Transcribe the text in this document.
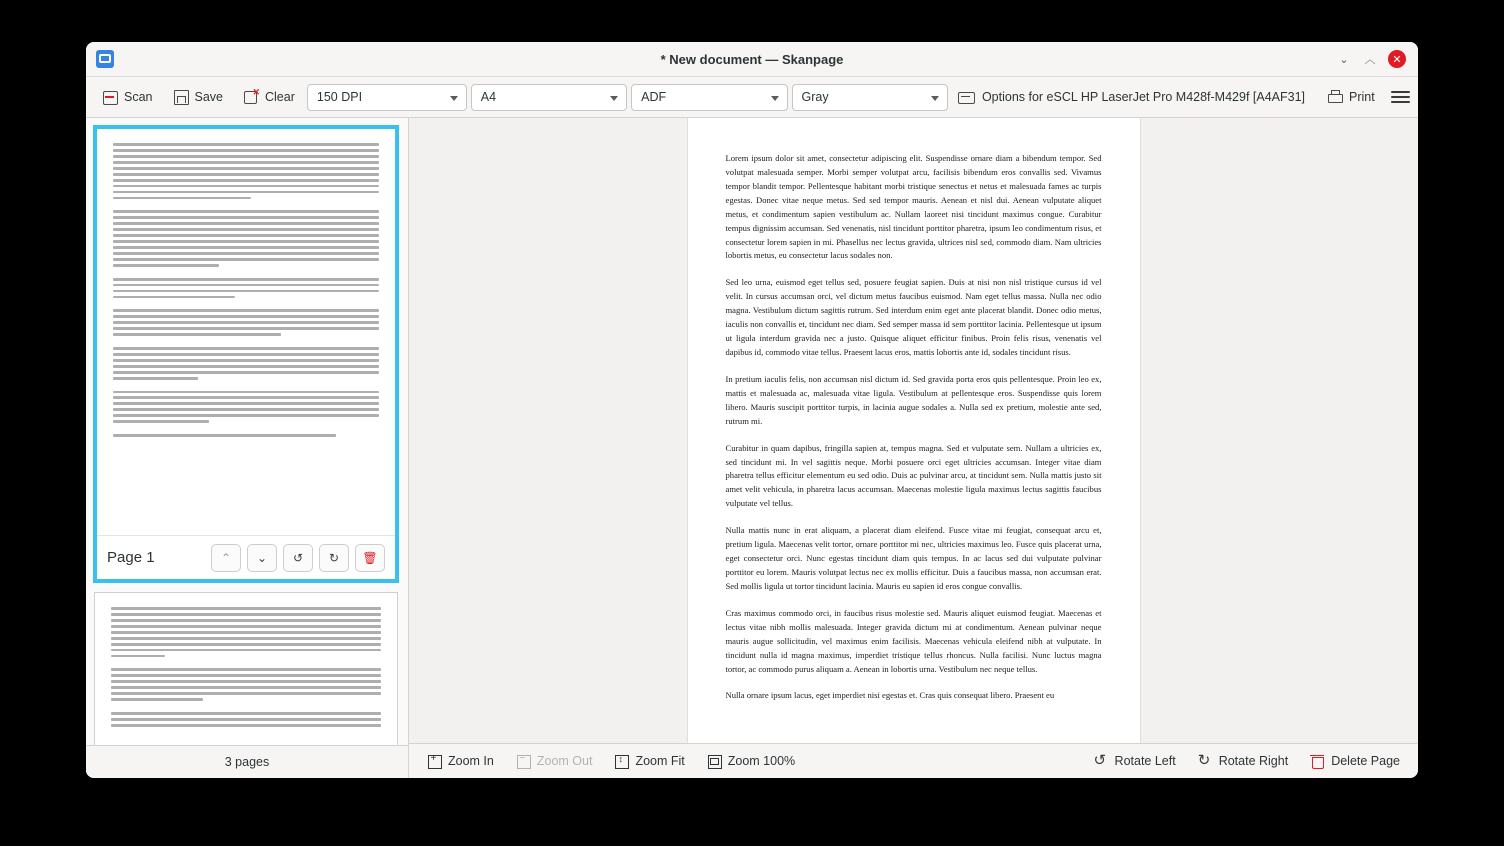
* New document — Skanpage	⌄	︿	✕
Scan	Save ✕	Clear 150 DPI	A4	ADF	Gray	Options for eSCL HP LaserJet Pro M428f-M429f [A4AF31]	Print
Page 1	⌃	⌄	↺	↻	🗑
3 pages

Lorem ipsum dolor sit amet, consectetur adipiscing elit. Suspendisse ornare diam a bibendum tempor. Sed volutpat malesuada semper. Morbi semper volutpat arcu, facilisis bibendum eros convallis sed. Vivamus tempor blandit tempor. Pellentesque habitant morbi tristique senectus et netus et malesuada fames ac turpis egestas. Donec vitae neque metus. Sed sed tempor mauris. Aenean et nisl dui. Aenean vulputate aliquet metus, et condimentum sapien vestibulum ac. Nullam laoreet nisi tincidunt maximus congue. Curabitur tempus dignissim accumsan. Sed venenatis, nisl tincidunt porttitor pharetra, ipsum leo condimentum risus, et consectetur lorem sapien in mi. Phasellus nec lectus gravida, ultrices nisl sed, commodo diam. Nam ultricies lobortis metus, eu consectetur lacus sodales non.

Sed leo urna, euismod eget tellus sed, posuere feugiat sapien. Duis at nisi non nisl tristique cursus id vel velit. In cursus accumsan orci, vel dictum metus faucibus euismod. Nam eget tellus massa. Nulla nec odio magna. Vestibulum dictum sagittis rutrum. Sed interdum enim eget ante placerat blandit. Donec odio metus, iaculis non convallis et, tincidunt nec diam. Sed semper massa id sem porttitor lacinia. Pellentesque ut ipsum ut ligula interdum gravida nec a justo. Quisque aliquet efficitur finibus. Proin felis risus, venenatis vel dapibus id, commodo vitae tellus. Praesent lacus eros, mattis lobortis ante id, sodales tincidunt risus.

In pretium iaculis felis, non accumsan nisl dictum id. Sed gravida porta eros quis pellentesque. Proin leo ex, mattis et malesuada ac, malesuada vitae ligula. Vestibulum at pellentesque eros. Suspendisse quis lorem libero. Mauris suscipit porttitor turpis, in lacinia augue sodales a. Nulla sed ex pretium, molestie ante sed, rutrum mi.

Curabitur in quam dapibus, fringilla sapien at, tempus magna. Sed et vulputate sem. Nullam a ultricies ex, sed tincidunt mi. In vel sagittis neque. Morbi posuere orci eget ultricies accumsan. Integer vitae diam pharetra tellus efficitur elementum eu sed odio. Duis ac pulvinar arcu, at tincidunt sem. Nulla mattis justo sit amet velit vehicula, in pharetra lacus accumsan. Maecenas molestie ligula maximus lectus sagittis faucibus vulputate vel tellus.

Nulla mattis nunc in erat aliquam, a placerat diam eleifend. Fusce vitae mi feugiat, consequat arcu et, pretium ligula. Maecenas velit tortor, ornare porttitor mi nec, ultricies maximus leo. Fusce quis placerat urna, eget consectetur orci. Nunc egestas tincidunt diam quis tempus. In ac lacus sed dui vulputate pulvinar porttitor eu lorem. Mauris volutpat lectus nec ex mollis efficitur. Duis a faucibus massa, non accumsan erat. Sed mollis ligula ut tortor tincidunt lacinia. Mauris eu sapien id eros congue convallis.

Cras maximus commodo orci, in faucibus risus molestie sed. Mauris aliquet euismod feugiat. Maecenas et lectus vitae nibh mollis malesuada. Integer gravida dictum mi at condimentum. Aenean pulvinar neque mauris augue sollicitudin, vel maximus enim facilisis. Maecenas vehicula eleifend nibh at vulputate. In tincidunt nulla id magna maximus, imperdiet tristique tellus rhoncus. Nulla facilisi. Nunc luctus magna tortor, ac commodo purus aliquam a. Aenean in lobortis urna. Vestibulum nec neque tellus.

Nulla ornare ipsum lacus, eget imperdiet nisi egestas et. Cras quis consequat libero. Praesent eu

+
Zoom In −	Zoom Out ↕	Zoom Fit	Zoom 100% ↺	Rotate Left ↻	Rotate Right	Delete Page
